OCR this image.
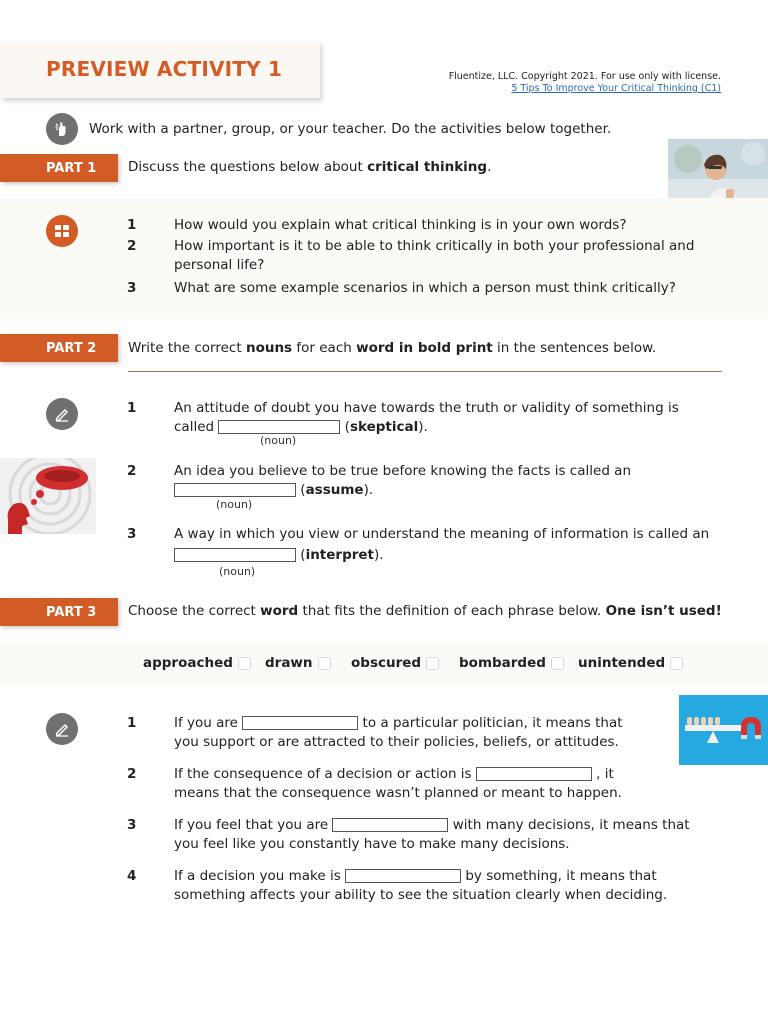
PREVIEW ACTIVITY 1	Fluentize, LLC. Copyright 2021. For use only with license.
5 Tips To Improve Your Critical Thinking (C1)
Work with a partner, group, or your teacher. Do the activities below together.
PART 1 Discuss the questions below about critical thinking.
1	How would you explain what critical thinking is in your own words?
2	How important is it to be able to think critically in both your professional and personal life?
3	What are some example scenarios in which a person must think critically?
PART 2 Write the correct nouns for each word in bold print in the sentences below.
1	An attitude of doubt you have towards the truth or validity of something is
called	(skeptical).
(noun)
2	An idea you believe to be true before knowing the facts is called an
(assume).
(noun)
3	A way in which you view or understand the meaning of information is called an
(interpret).
(noun)
PART 3 Choose the correct word that fits the definition of each phrase below. One isn’t used!
approached drawn	obscured	bombarded unintended
1	If you are	to a particular politician, it means that
you support or are attracted to their policies, beliefs, or attitudes.
2	If the consequence of a decision or action is	, it
means that the consequence wasn’t planned or meant to happen.
3	If you feel that you are	with many decisions, it means that
you feel like you constantly have to make many decisions.
4	If a decision you make is	by something, it means that
something affects your ability to see the situation clearly when deciding.
